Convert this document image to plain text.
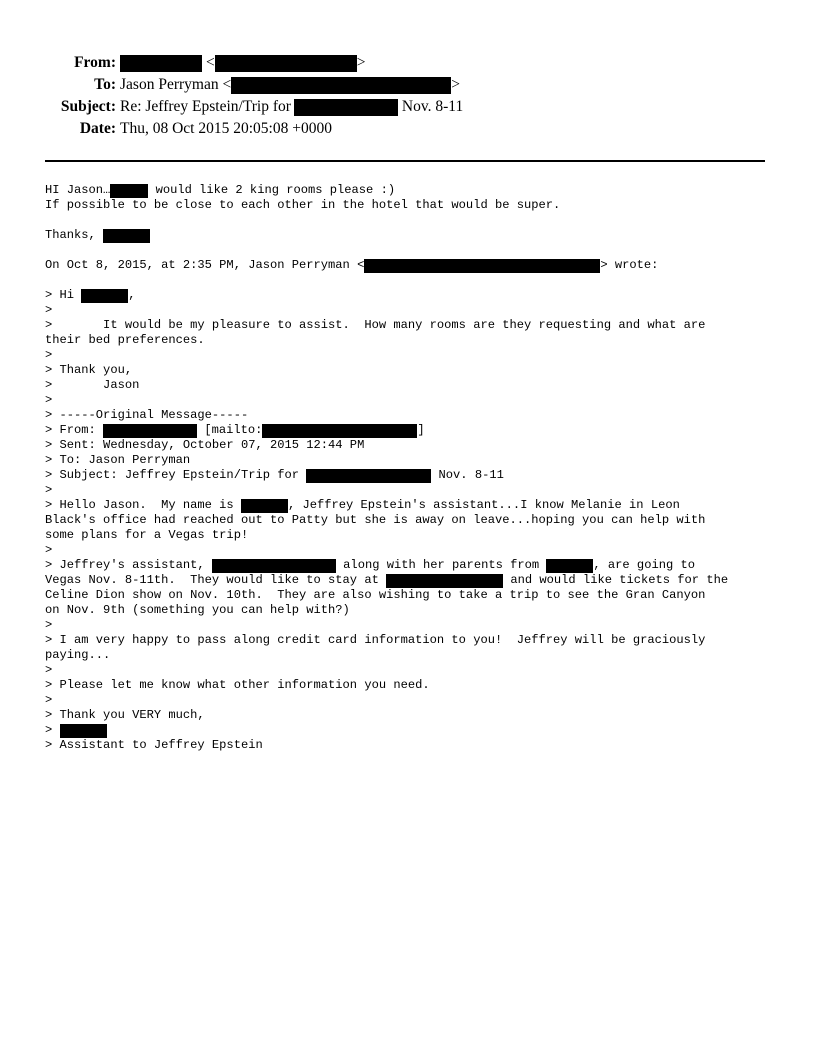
From:	<	>
To: Jason Perryman <	>
Subject: Re: Jeffrey Epstein/Trip for	Nov. 8-11
Date: Thu, 08 Oct 2015 20:05:08 +0000
HI Jason…	would like 2 king rooms please :)
If possible to be close to each other in the hotel that would be super.
Thanks,
On Oct 8, 2015, at 2:35 PM, Jason Perryman <	> wrote:
> Hi	,
>
>       It would be my pleasure to assist.  How many rooms are they requesting and what are
their bed preferences.
>
> Thank you,
>       Jason
>
> -----Original Message-----
> From:	[mailto:	]
> Sent: Wednesday, October 07, 2015 12:44 PM
> To: Jason Perryman
> Subject: Jeffrey Epstein/Trip for	Nov. 8-11
>
> Hello Jason.  My name is	, Jeffrey Epstein's assistant...I know Melanie in Leon
Black's office had reached out to Patty but she is away on leave...hoping you can help with
some plans for a Vegas trip!
>
> Jeffrey's assistant,	along with her parents from	, are going to
Vegas Nov. 8-11th.  They would like to stay at	and would like tickets for the
Celine Dion show on Nov. 10th.  They are also wishing to take a trip to see the Gran Canyon
on Nov. 9th (something you can help with?)
>
> I am very happy to pass along credit card information to you!  Jeffrey will be graciously
paying...
>
> Please let me know what other information you need.
>
> Thank you VERY much,
>
> Assistant to Jeffrey Epstein
